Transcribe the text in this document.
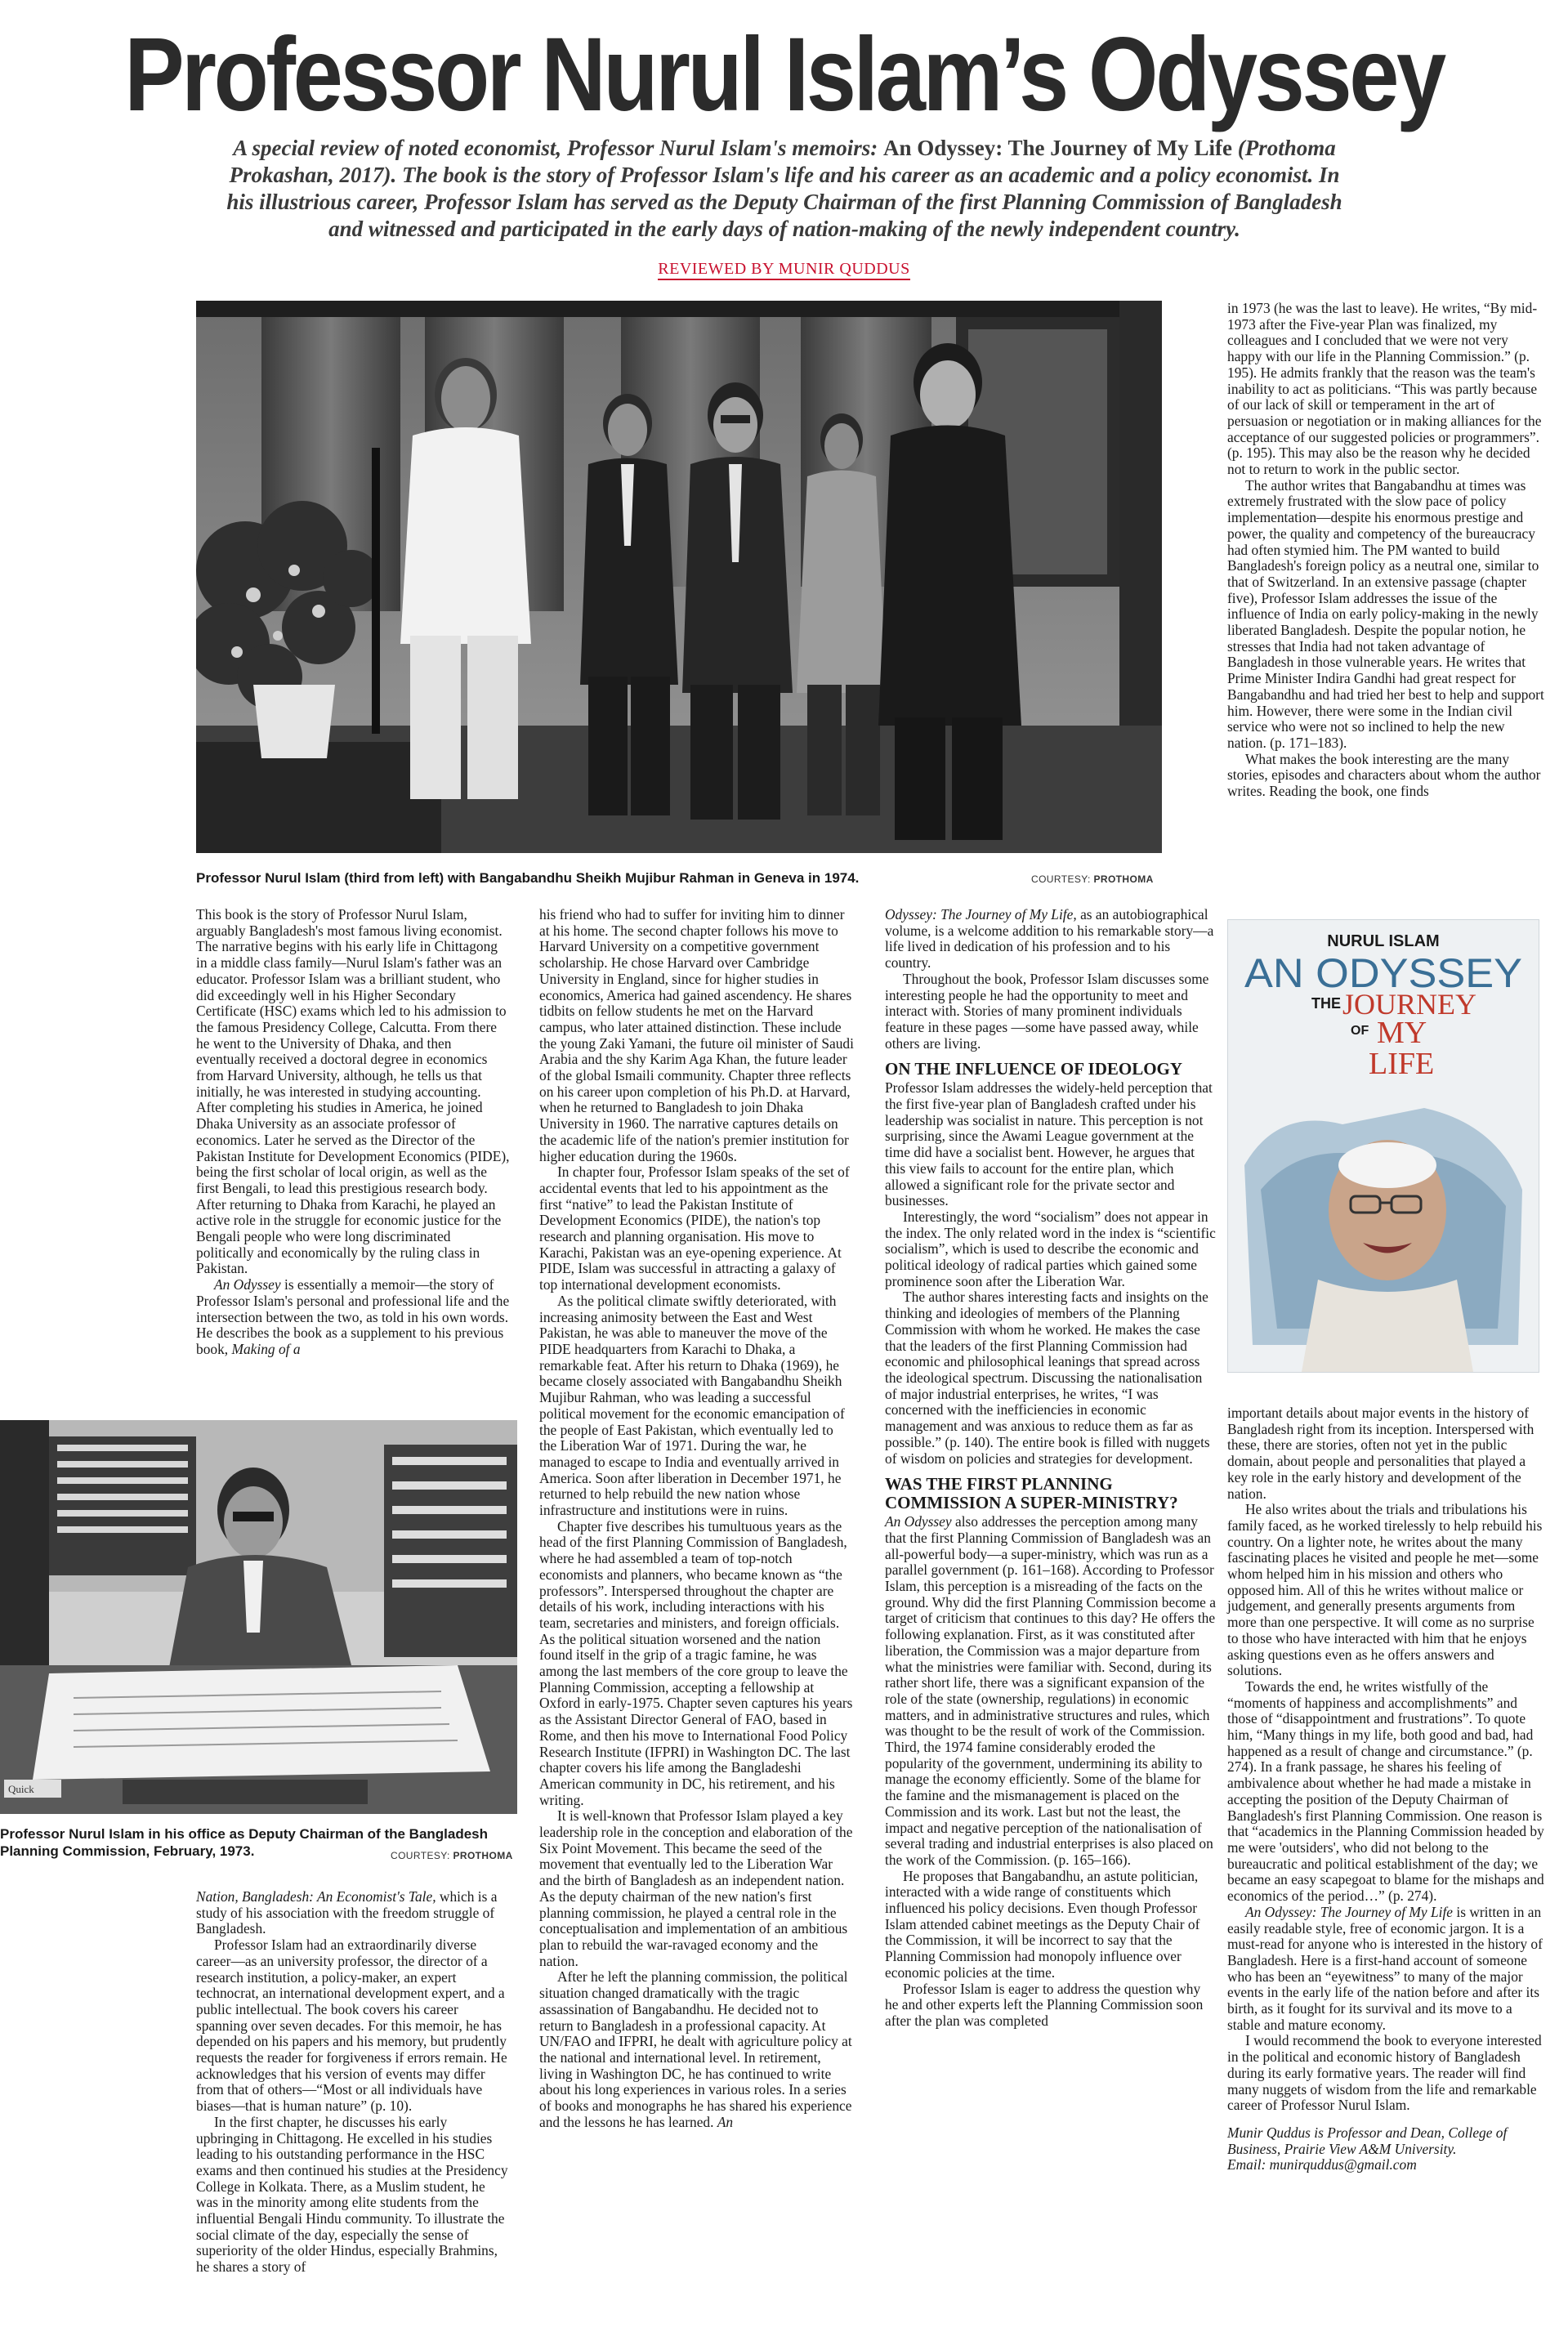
Professor Nurul Islam’s Odyssey
A special review of noted economist, Professor Nurul Islam's memoirs: An Odyssey: The Journey of My Life (Prothoma Prokashan, 2017). The book is the story of Professor Islam's life and his career as an academic and a policy economist. In his illustrious career, Professor Islam has served as the Deputy Chairman of the first Planning Commission of Bangladesh and witnessed and participated in the early days of nation-making of the newly independent country.
REVIEWED BY MUNIR QUDDUS
Professor Nurul Islam (third from left) with Bangabandhu Sheikh Mujibur Rahman in Geneva in 1974.	COURTESY: PROTHOMA

This book is the story of Professor Nurul Islam, arguably Bangladesh's most famous living economist. The narrative begins with his early life in Chittagong in a middle class family—Nurul Islam's father was an educator. Professor Islam was a brilliant student, who did exceedingly well in his Higher Secondary Certificate (HSC) exams which led to his admission to the famous Presidency College, Calcutta. From there he went to the University of Dhaka, and then eventually received a doctoral degree in economics from Harvard University, although, he tells us that initially, he was interested in studying accounting. After completing his studies in America, he joined Dhaka University as an associate professor of economics. Later he served as the Director of the Pakistan Institute for Development Economics (PIDE), being the first scholar of local origin, as well as the first Bengali, to lead this prestigious research body. After returning to Dhaka from Karachi, he played an active role in the struggle for economic justice for the Bengali people who were long discriminated politically and economically by the ruling class in Pakistan.

An Odyssey is essentially a memoir—the story of Professor Islam's personal and professional life and the intersection between the two, as told in his own words. He describes the book as a supplement to his previous book, Making of a

Quick
Professor Nurul Islam in his office as Deputy Chairman of the Bangladesh Planning Commission, February, 1973.	COURTESY: PROTHOMA

Nation, Bangladesh: An Economist's Tale, which is a study of his association with the freedom struggle of Bangladesh.

Professor Islam had an extraordinarily diverse career—as an university professor, the director of a research institution, a policy-maker, an expert technocrat, an international development expert, and a public intellectual. The book covers his career spanning over seven decades. For this memoir, he has depended on his papers and his memory, but prudently requests the reader for forgiveness if errors remain. He acknowledges that his version of events may differ from that of others—“Most or all individuals have biases—that is human nature” (p. 10).

In the first chapter, he discusses his early upbringing in Chittagong. He excelled in his studies leading to his outstanding performance in the HSC exams and then continued his studies at the Presidency College in Kolkata. There, as a Muslim student, he was in the minority among elite students from the influential Bengali Hindu community. To illustrate the social climate of the day, especially the sense of superiority of the older Hindus, especially Brahmins, he shares a story of

his friend who had to suffer for inviting him to dinner at his home. The second chapter follows his move to Harvard University on a competitive government scholarship. He chose Harvard over Cambridge University in England, since for higher studies in economics, America had gained ascendency. He shares tidbits on fellow students he met on the Harvard campus, who later attained distinction. These include the young Zaki Yamani, the future oil minister of Saudi Arabia and the shy Karim Aga Khan, the future leader of the global Ismaili community. Chapter three reflects on his career upon completion of his Ph.D. at Harvard, when he returned to Bangladesh to join Dhaka University in 1960. The narrative captures details on the academic life of the nation's premier institution for higher education during the 1960s.

In chapter four, Professor Islam speaks of the set of accidental events that led to his appointment as the first “native” to lead the Pakistan Institute of Development Economics (PIDE), the nation's top research and planning organisation. His move to Karachi, Pakistan was an eye-opening experience. At PIDE, Islam was successful in attracting a galaxy of top international development economists.

As the political climate swiftly deteriorated, with increasing animosity between the East and West Pakistan, he was able to maneuver the move of the PIDE headquarters from Karachi to Dhaka, a remarkable feat. After his return to Dhaka (1969), he became closely associated with Bangabandhu Sheikh Mujibur Rahman, who was leading a successful political movement for the economic emancipation of the people of East Pakistan, which eventually led to the Liberation War of 1971. During the war, he managed to escape to India and eventually arrived in America. Soon after liberation in December 1971, he returned to help rebuild the new nation whose infrastructure and institutions were in ruins.

Chapter five describes his tumultuous years as the head of the first Planning Commission of Bangladesh, where he had assembled a team of top-notch economists and planners, who became known as “the professors”. Interspersed throughout the chapter are details of his work, including interactions with his team, secretaries and ministers, and foreign officials. As the political situation worsened and the nation found itself in the grip of a tragic famine, he was among the last members of the core group to leave the Planning Commission, accepting a fellowship at Oxford in early-1975. Chapter seven captures his years as the Assistant Director General of FAO, based in Rome, and then his move to International Food Policy Research Institute (IFPRI) in Washington DC. The last chapter covers his life among the Bangladeshi American community in DC, his retirement, and his writing.

It is well-known that Professor Islam played a key leadership role in the conception and elaboration of the Six Point Movement. This became the seed of the movement that eventually led to the Liberation War and the birth of Bangladesh as an independent nation. As the deputy chairman of the new nation's first planning commission, he played a central role in the conceptualisation and implementation of an ambitious plan to rebuild the war-ravaged economy and the nation.

After he left the planning commission, the political situation changed dramatically with the tragic assassination of Bangabandhu. He decided not to return to Bangladesh in a professional capacity. At UN/FAO and IFPRI, he dealt with agriculture policy at the national and international level. In retirement, living in Washington DC, he has continued to write about his long experiences in various roles. In a series of books and monographs he has shared his experience and the lessons he has learned. An

Odyssey: The Journey of My Life, as an autobiographical volume, is a welcome addition to his remarkable story—a life lived in dedication of his profession and to his country.

Throughout the book, Professor Islam discusses some interesting people he had the opportunity to meet and interact with. Stories of many prominent individuals feature in these pages —some have passed away, while others are living.

ON THE INFLUENCE OF IDEOLOGY

Professor Islam addresses the widely-held perception that the first five-year plan of Bangladesh crafted under his leadership was socialist in nature. This perception is not surprising, since the Awami League government at the time did have a socialist bent. However, he argues that this view fails to account for the entire plan, which allowed a significant role for the private sector and businesses.

Interestingly, the word “socialism” does not appear in the index. The only related word in the index is “scientific socialism”, which is used to describe the economic and political ideology of radical parties which gained some prominence soon after the Liberation War.

The author shares interesting facts and insights on the thinking and ideologies of members of the Planning Commission with whom he worked. He makes the case that the leaders of the first Planning Commission had economic and philosophical leanings that spread across the ideological spectrum. Discussing the nationalisation of major industrial enterprises, he writes, “I was concerned with the inefficiencies in economic management and was anxious to reduce them as far as possible.” (p. 140). The entire book is filled with nuggets of wisdom on policies and strategies for development.

WAS THE FIRST PLANNING COMMISSION A SUPER-MINISTRY?

An Odyssey also addresses the perception among many that the first Planning Commission of Bangladesh was an all-powerful body—a super-ministry, which was run as a parallel government (p. 161–168). According to Professor Islam, this perception is a misreading of the facts on the ground. Why did the first Planning Commission become a target of criticism that continues to this day? He offers the following explanation. First, as it was constituted after liberation, the Commission was a major departure from what the ministries were familiar with. Second, during its rather short life, there was a significant expansion of the role of the state (ownership, regulations) in economic matters, and in administrative structures and rules, which was thought to be the result of work of the Commission. Third, the 1974 famine considerably eroded the popularity of the government, undermining its ability to manage the economy efficiently. Some of the blame for the famine and the mismanagement is placed on the Commission and its work. Last but not the least, the impact and negative perception of the nationalisation of several trading and industrial enterprises is also placed on the work of the Commission. (p. 165–166).

He proposes that Bangabandhu, an astute politician, interacted with a wide range of constituents which influenced his policy decisions. Even though Professor Islam attended cabinet meetings as the Deputy Chair of the Commission, it will be incorrect to say that the Planning Commission had monopoly influence over economic policies at the time.

Professor Islam is eager to address the question why he and other experts left the Planning Commission soon after the plan was completed

in 1973 (he was the last to leave). He writes, “By mid-1973 after the Five-year Plan was finalized, my colleagues and I concluded that we were not very happy with our life in the Planning Commission.” (p. 195). He admits frankly that the reason was the team's inability to act as politicians. “This was partly because of our lack of skill or temperament in the art of persuasion or negotiation or in making alliances for the acceptance of our suggested policies or programmers”. (p. 195). This may also be the reason why he decided not to return to work in the public sector.

The author writes that Bangabandhu at times was extremely frustrated with the slow pace of policy implementation—despite his enormous prestige and power, the quality and competency of the bureaucracy had often stymied him. The PM wanted to build Bangladesh's foreign policy as a neutral one, similar to that of Switzerland. In an extensive passage (chapter five), Professor Islam addresses the issue of the influence of India on early policy-making in the newly liberated Bangladesh. Despite the popular notion, he stresses that India had not taken advantage of Bangladesh in those vulnerable years. He writes that Prime Minister Indira Gandhi had great respect for Bangabandhu and had tried her best to help and support him. However, there were some in the Indian civil service who were not so inclined to help the new nation. (p. 171–183).

What makes the book interesting are the many stories, episodes and characters about whom the author writes. Reading the book, one finds

NURUL ISLAM
AN ODYSSEY
THE JOURNEY
OF MY
LIFE

important details about major events in the history of Bangladesh right from its inception. Interspersed with these, there are stories, often not yet in the public domain, about people and personalities that played a key role in the early history and development of the nation.

He also writes about the trials and tribulations his family faced, as he worked tirelessly to help rebuild his country. On a lighter note, he writes about the many fascinating places he visited and people he met—some whom helped him in his mission and others who opposed him. All of this he writes without malice or judgement, and generally presents arguments from more than one perspective. It will come as no surprise to those who have interacted with him that he enjoys asking questions even as he offers answers and solutions.

Towards the end, he writes wistfully of the “moments of happiness and accomplishments” and those of “disappointment and frustrations”. To quote him, “Many things in my life, both good and bad, had happened as a result of change and circumstance.” (p. 274). In a frank passage, he shares his feeling of ambivalence about whether he had made a mistake in accepting the position of the Deputy Chairman of Bangladesh's first Planning Commission. One reason is that “academics in the Planning Commission headed by me were 'outsiders', who did not belong to the bureaucratic and political establishment of the day; we became an easy scapegoat to blame for the mishaps and economics of the period…” (p. 274).

An Odyssey: The Journey of My Life is written in an easily readable style, free of economic jargon. It is a must-read for anyone who is interested in the history of Bangladesh. Here is a first-hand account of someone who has been an “eyewitness” to many of the major events in the early life of the nation before and after its birth, as it fought for its survival and its move to a stable and mature economy.

I would recommend the book to everyone interested in the political and economic history of Bangladesh during its early formative years. The reader will find many nuggets of wisdom from the life and remarkable career of Professor Nurul Islam.

Munir Quddus is Professor and Dean, College of Business, Prairie View A&M University.

Email: munirquddus@gmail.com
